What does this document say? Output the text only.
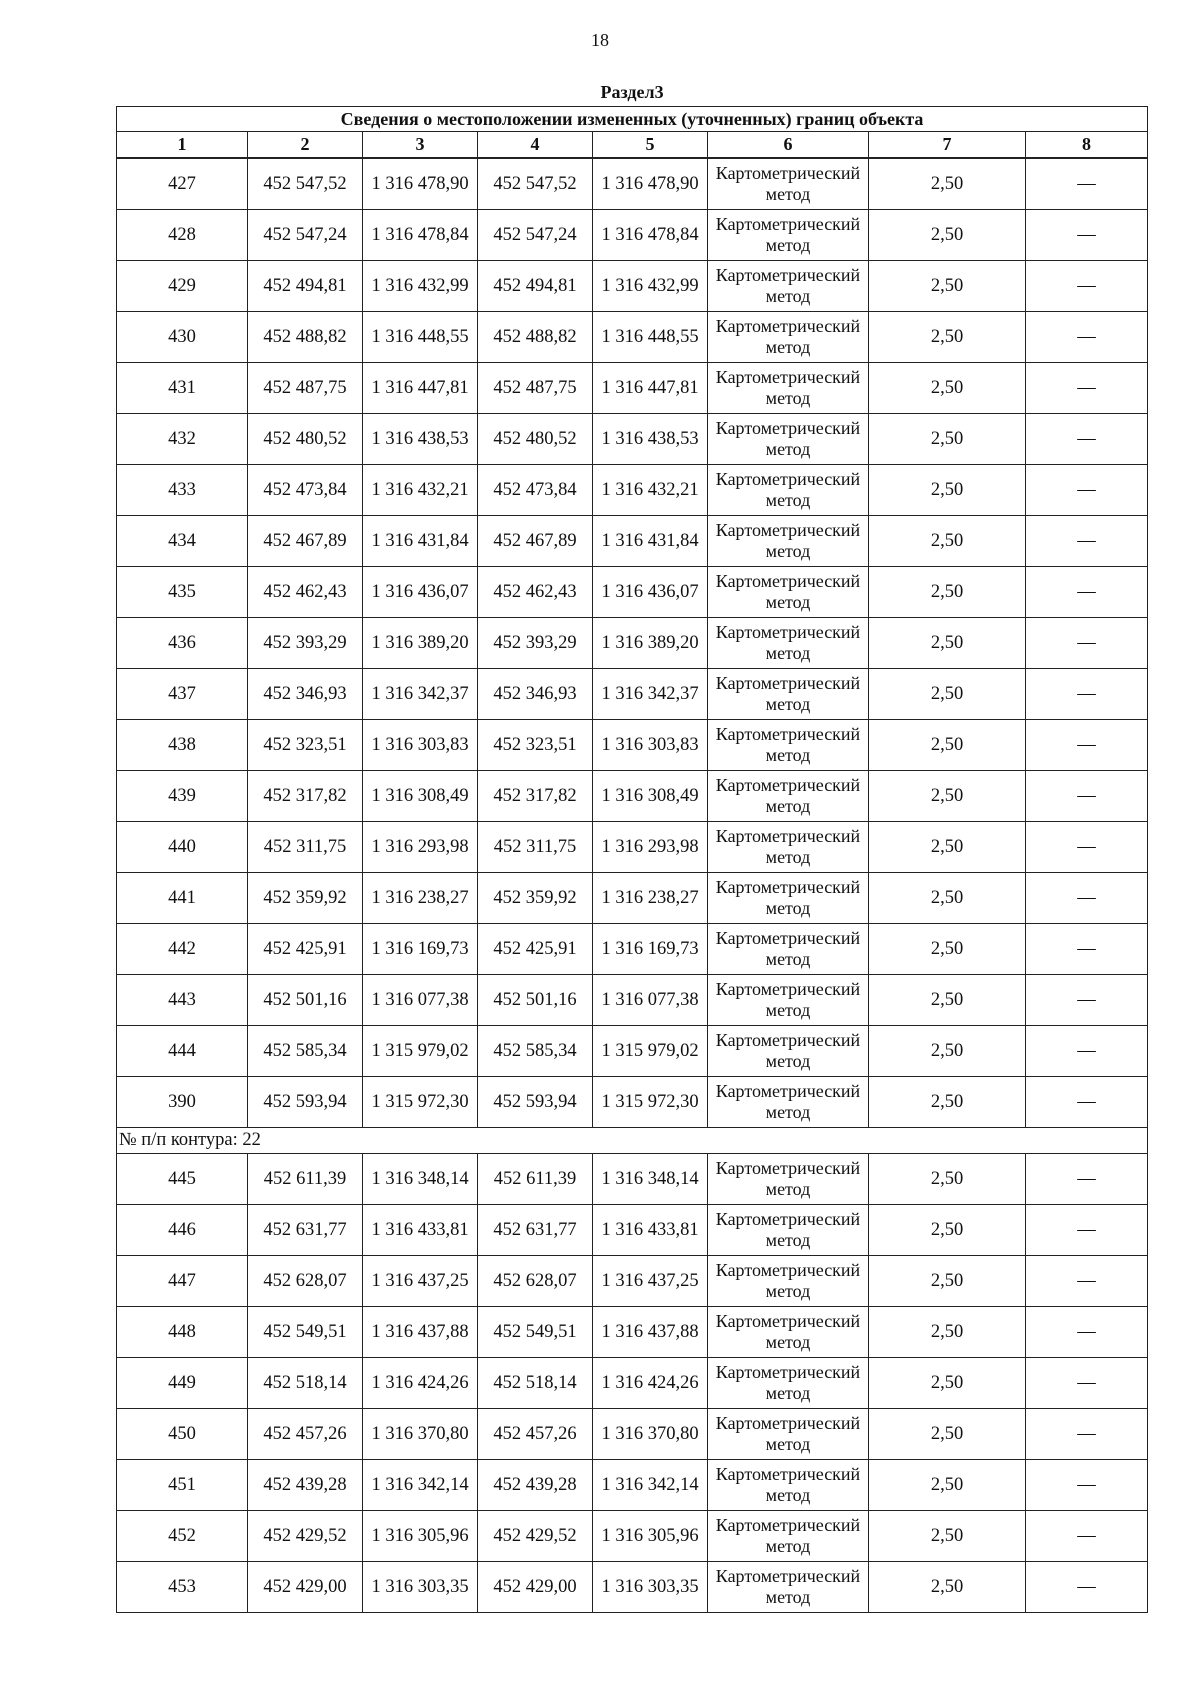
18
Раздел3							
Сведения о местоположении измененных (уточненных) границ объекта							
1	2	3	4	5	6	7	8
427	452 547,52	1 316 478,90	452 547,52	1 316 478,90	Картометрический метод	2,50	—
428	452 547,24	1 316 478,84	452 547,24	1 316 478,84	Картометрический метод	2,50	—
429	452 494,81	1 316 432,99	452 494,81	1 316 432,99	Картометрический метод	2,50	—
430	452 488,82	1 316 448,55	452 488,82	1 316 448,55	Картометрический метод	2,50	—
431	452 487,75	1 316 447,81	452 487,75	1 316 447,81	Картометрический метод	2,50	—
432	452 480,52	1 316 438,53	452 480,52	1 316 438,53	Картометрический метод	2,50	—
433	452 473,84	1 316 432,21	452 473,84	1 316 432,21	Картометрический метод	2,50	—
434	452 467,89	1 316 431,84	452 467,89	1 316 431,84	Картометрический метод	2,50	—
435	452 462,43	1 316 436,07	452 462,43	1 316 436,07	Картометрический метод	2,50	—
436	452 393,29	1 316 389,20	452 393,29	1 316 389,20	Картометрический метод	2,50	—
437	452 346,93	1 316 342,37	452 346,93	1 316 342,37	Картометрический метод	2,50	—
438	452 323,51	1 316 303,83	452 323,51	1 316 303,83	Картометрический метод	2,50	—
439	452 317,82	1 316 308,49	452 317,82	1 316 308,49	Картометрический метод	2,50	—
440	452 311,75	1 316 293,98	452 311,75	1 316 293,98	Картометрический метод	2,50	—
441	452 359,92	1 316 238,27	452 359,92	1 316 238,27	Картометрический метод	2,50	—
442	452 425,91	1 316 169,73	452 425,91	1 316 169,73	Картометрический метод	2,50	—
443	452 501,16	1 316 077,38	452 501,16	1 316 077,38	Картометрический метод	2,50	—
444	452 585,34	1 315 979,02	452 585,34	1 315 979,02	Картометрический метод	2,50	—
390	452 593,94	1 315 972,30	452 593,94	1 315 972,30	Картометрический метод	2,50	—
№ п/п контура: 22							
445	452 611,39	1 316 348,14	452 611,39	1 316 348,14	Картометрический метод	2,50	—
446	452 631,77	1 316 433,81	452 631,77	1 316 433,81	Картометрический метод	2,50	—
447	452 628,07	1 316 437,25	452 628,07	1 316 437,25	Картометрический метод	2,50	—
448	452 549,51	1 316 437,88	452 549,51	1 316 437,88	Картометрический метод	2,50	—
449	452 518,14	1 316 424,26	452 518,14	1 316 424,26	Картометрический метод	2,50	—
450	452 457,26	1 316 370,80	452 457,26	1 316 370,80	Картометрический метод	2,50	—
451	452 439,28	1 316 342,14	452 439,28	1 316 342,14	Картометрический метод	2,50	—
452	452 429,52	1 316 305,96	452 429,52	1 316 305,96	Картометрический метод	2,50	—
453	452 429,00	1 316 303,35	452 429,00	1 316 303,35	Картометрический метод	2,50	—
